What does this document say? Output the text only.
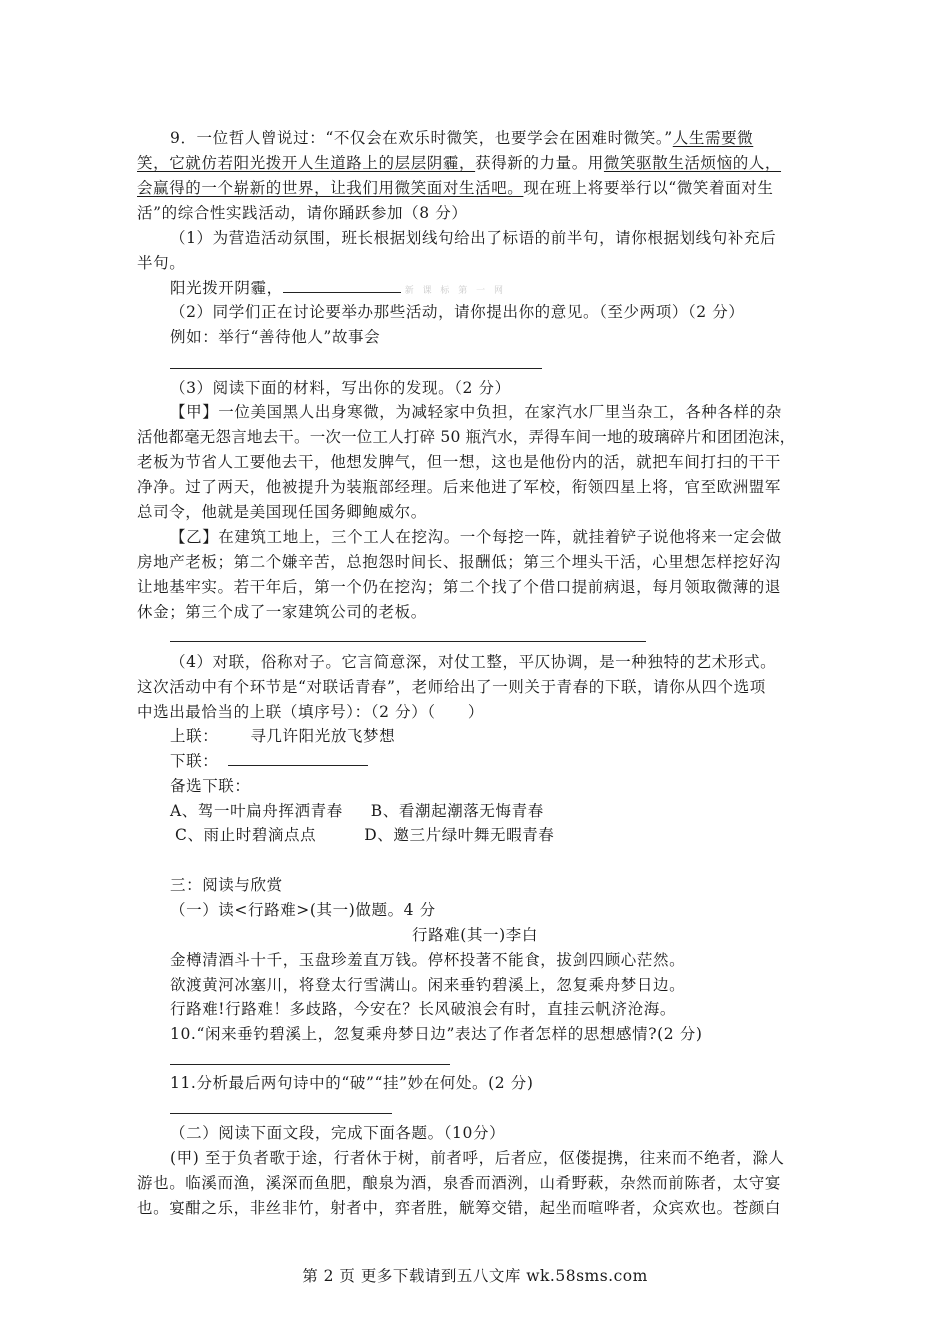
9．一位哲人曾说过：“不仅会在欢乐时微笑，也要学会在困难时微笑。”人生需要微
笑，它就仿若阳光拨开人生道路上的层层阴霾，获得新的力量。用微笑驱散生活烦恼的人，
会赢得的一个崭新的世界，让我们用微笑面对生活吧。现在班上将要举行以“微笑着面对生
活”的综合性实践活动，请你踊跃参加（8 分）
（1）为营造活动氛围，班长根据划线句给出了标语的前半句，请你根据划线句补充后
半句。
阳光拨开阴霾，	新 课 标 第 一 网
（2）同学们正在讨论要举办那些活动，请你提出你的意见。（至少两项）（2 分）
例如：举行“善待他人”故事会
（3）阅读下面的材料，写出你的发现。（2 分）
【甲】一位美国黑人出身寒微，为减轻家中负担，在家汽水厂里当杂工，各种各样的杂
活他都毫无怨言地去干。一次一位工人打碎 50 瓶汽水，弄得车间一地的玻璃碎片和团团泡沫，
老板为节省人工要他去干，他想发脾气，但一想，这也是他份内的活，就把车间打扫的干干
净净。过了两天，他被提升为装瓶部经理。后来他进了军校，衔领四星上将，官至欧洲盟军
总司令，他就是美国现任国务卿鲍威尔。
【乙】在建筑工地上，三个工人在挖沟。一个每挖一阵，就挂着铲子说他将来一定会做
房地产老板；第二个嫌辛苦，总抱怨时间长、报酬低；第三个埋头干活，心里想怎样挖好沟
让地基牢实。若干年后，第一个仍在挖沟；第二个找了个借口提前病退，每月领取微薄的退
休金；第三个成了一家建筑公司的老板。
（4）对联，俗称对子。它言简意深，对仗工整，平仄协调，是一种独特的艺术形式。
这次活动中有个环节是“对联话青春”，老师给出了一则关于青春的下联，请你从四个选项
中选出最恰当的上联（填序号）：（2 分）（　　）
上联： 寻几许阳光放飞梦想
下联：
备选下联：
A、驾一叶扁舟挥洒青春 B、看潮起潮落无悔青春
C、雨止时碧滴点点	D、邀三片绿叶舞无暇青春
三：阅读与欣赏
（一）读<行路难>(其一)做题。4 分
行路难(其一)李白
金樽清酒斗十千，玉盘珍羞直万钱。停杯投著不能食，拔剑四顾心茫然。
欲渡黄河冰塞川，将登太行雪满山。闲来垂钓碧溪上，忽复乘舟梦日边。
行路难!行路难！多歧路，今安在？长风破浪会有时，直挂云帆济沧海。
10.“闲来垂钓碧溪上，忽复乘舟梦日边”表达了作者怎样的思想感情?(2 分)
11.分析最后两句诗中的“破”“挂”妙在何处。(2 分)
（二）阅读下面文段，完成下面各题。（10分）
(甲) 至于负者歌于途，行者休于树，前者呼，后者应，伛偻提携，往来而不绝者，滁人
游也。临溪而渔，溪深而鱼肥，酿泉为酒，泉香而酒洌，山肴野蔌，杂然而前陈者，太守宴
也。宴酣之乐，非丝非竹，射者中，弈者胜，觥筹交错，起坐而喧哗者，众宾欢也。苍颜白
第 2 页 更多下载请到五八文库 wk.58sms.com
